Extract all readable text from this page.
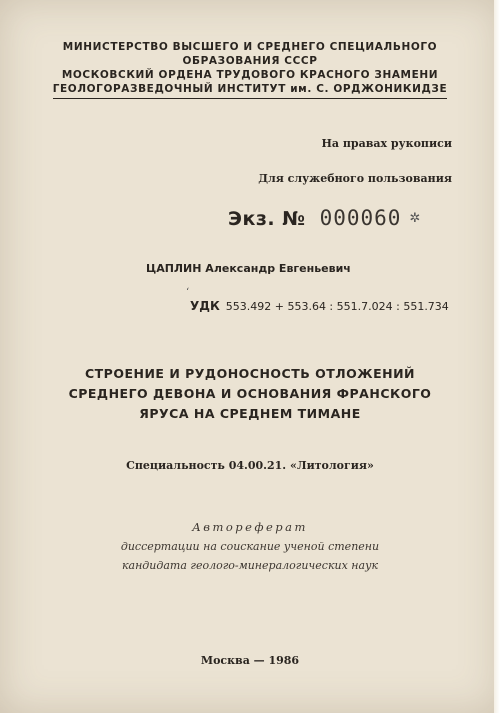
МИНИСТЕРСТВО ВЫСШЕГО И СРЕДНЕГО СПЕЦИАЛЬНОГО
ОБРАЗОВАНИЯ СССР
МОСКОВСКИЙ ОРДЕНА ТРУДОВОГО КРАСНОГО ЗНАМЕНИ
ГЕОЛОГОРАЗВЕДОЧНЫЙ ИНСТИТУТ им. С. ОРДЖОНИКИДЗЕ
На правах рукописи
Для служебного пользования
Экз. № 000060 ✲
ЦАПЛИН Александр Евгеньевич
ʻ
УДК 553.492 + 553.64 : 551.7.024 : 551.734
СТРОЕНИЕ И РУДОНОСНОСТЬ ОТЛОЖЕНИЙ
СРЕДНЕГО ДЕВОНА И ОСНОВАНИЯ ФРАНСКОГО
ЯРУСА НА СРЕДНЕМ ТИМАНЕ
Специальность 04.00.21. «Литология»
Автореферат
диссертации на соискание ученой степени
кандидата геолого-минералогических наук
Москва — 1986
